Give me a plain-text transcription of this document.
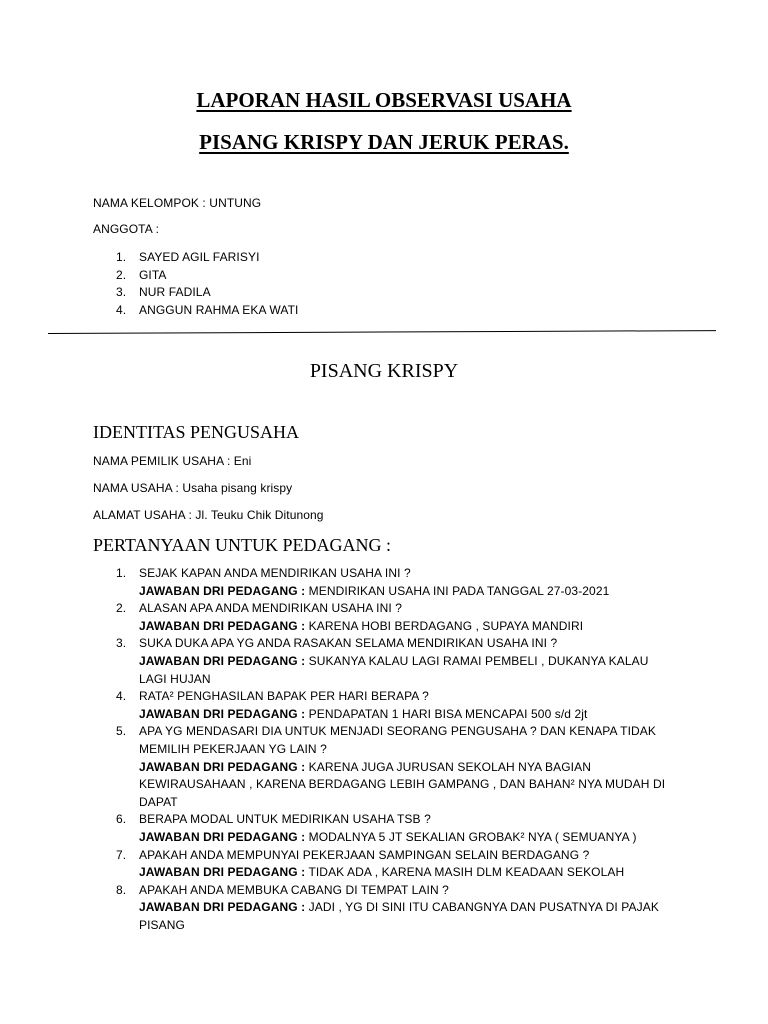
LAPORAN HASIL OBSERVASI USAHA
PISANG KRISPY DAN JERUK PERAS.
NAMA KELOMPOK : UNTUNG
ANGGOTA :
1. SAYED AGIL FARISYI
2. GITA
3. NUR FADILA
4. ANGGUN RAHMA EKA WATI
PISANG KRISPY
IDENTITAS PENGUSAHA
NAMA PEMILIK USAHA : Eni
NAMA USAHA : Usaha pisang krispy
ALAMAT USAHA : Jl. Teuku Chik Ditunong
PERTANYAAN UNTUK PEDAGANG :
1. SEJAK KAPAN ANDA MENDIRIKAN USAHA INI ?
JAWABAN DRI PEDAGANG : MENDIRIKAN USAHA INI PADA TANGGAL 27-03-2021
2. ALASAN APA ANDA MENDIRIKAN USAHA INI ?
JAWABAN DRI PEDAGANG : KARENA HOBI BERDAGANG , SUPAYA MANDIRI
3. SUKA DUKA APA YG ANDA RASAKAN SELAMA MENDIRIKAN USAHA INI ?
JAWABAN DRI PEDAGANG : SUKANYA KALAU LAGI RAMAI PEMBELI , DUKANYA KALAU LAGI HUJAN
4. RATA² PENGHASILAN BAPAK PER HARI BERAPA ?
JAWABAN DRI PEDAGANG : PENDAPATAN 1 HARI BISA MENCAPAI 500 s/d 2jt
5. APA YG MENDASARI DIA UNTUK MENJADI SEORANG PENGUSAHA ? DAN KENAPA TIDAK MEMILIH PEKERJAAN YG LAIN ?
JAWABAN DRI PEDAGANG : KARENA JUGA JURUSAN SEKOLAH NYA BAGIAN KEWIRAUSAHAAN , KARENA BERDAGANG LEBIH GAMPANG , DAN BAHAN² NYA MUDAH DI DAPAT
6. BERAPA MODAL UNTUK MEDIRIKAN USAHA TSB ?
JAWABAN DRI PEDAGANG : MODALNYA 5 JT SEKALIAN GROBAK² NYA ( SEMUANYA )
7. APAKAH ANDA MEMPUNYAI PEKERJAAN SAMPINGAN SELAIN BERDAGANG ?
JAWABAN DRI PEDAGANG : TIDAK ADA , KARENA MASIH DLM KEADAAN SEKOLAH
8. APAKAH ANDA MEMBUKA CABANG DI TEMPAT LAIN ?
JAWABAN DRI PEDAGANG : JADI , YG DI SINI ITU CABANGNYA DAN PUSATNYA DI PAJAK PISANG
